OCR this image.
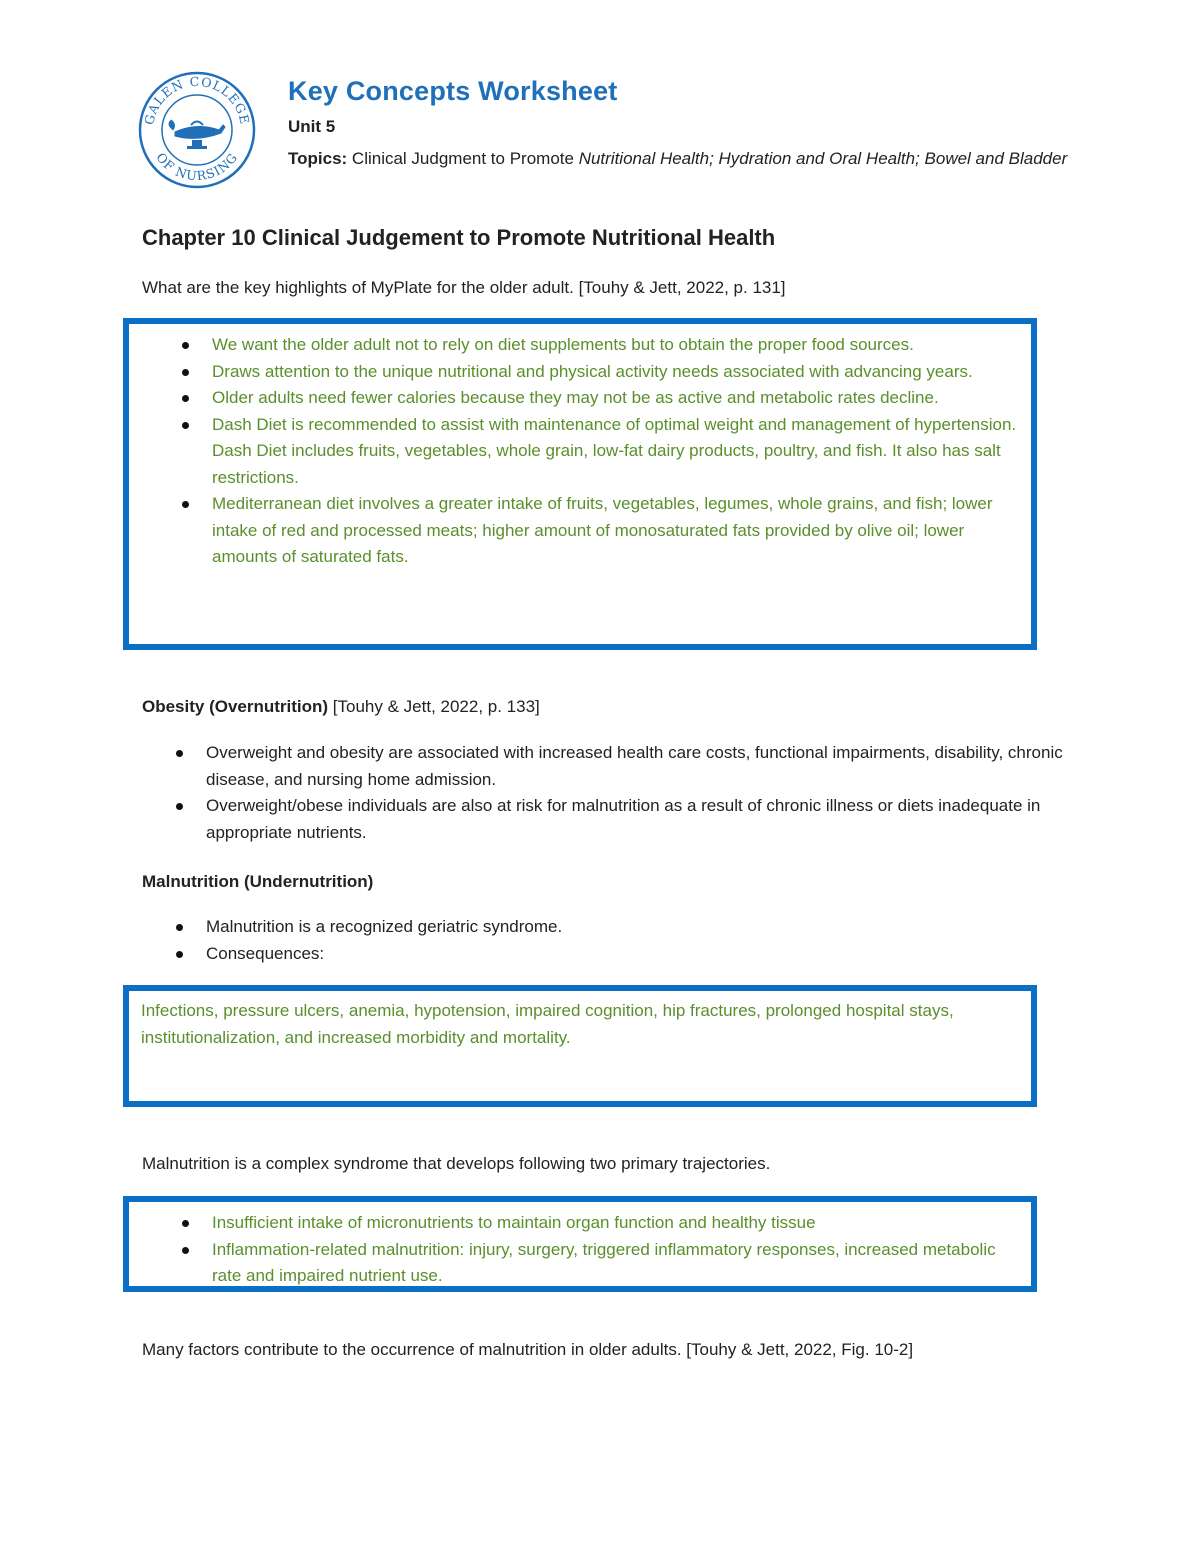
GALEN COLLEGE
OF NURSING
Key Concepts Worksheet
Unit 5
Topics: Clinical Judgment to Promote Nutritional Health; Hydration and Oral Health; Bowel and Bladder
Chapter 10 Clinical Judgement to Promote Nutritional Health
What are the key highlights of MyPlate for the older adult. [Touhy & Jett, 2022, p. 131]
We want the older adult not to rely on diet supplements but to obtain the proper food sources.
Draws attention to the unique nutritional and physical activity needs associated with advancing years.
Older adults need fewer calories because they may not be as active and metabolic rates decline.
Dash Diet is recommended to assist with maintenance of optimal weight and management of hypertension. Dash Diet includes fruits, vegetables, whole grain, low-fat dairy products, poultry, and fish. It also has salt restrictions.
Mediterranean diet involves a greater intake of fruits, vegetables, legumes, whole grains, and fish; lower intake of red and processed meats; higher amount of monosaturated fats provided by olive oil; lower amounts of saturated fats.
Obesity (Overnutrition) [Touhy & Jett, 2022, p. 133]
Overweight and obesity are associated with increased health care costs, functional impairments, disability, chronic disease, and nursing home admission.
Overweight/obese individuals are also at risk for malnutrition as a result of chronic illness or diets inadequate in appropriate nutrients.
Malnutrition (Undernutrition)
Malnutrition is a recognized geriatric syndrome.
Consequences:
Infections, pressure ulcers, anemia, hypotension, impaired cognition, hip fractures, prolonged hospital stays, institutionalization, and increased morbidity and mortality.
Malnutrition is a complex syndrome that develops following two primary trajectories.
Insufficient intake of micronutrients to maintain organ function and healthy tissue
Inflammation-related malnutrition: injury, surgery, triggered inflammatory responses, increased metabolic rate and impaired nutrient use.
Many factors contribute to the occurrence of malnutrition in older adults. [Touhy & Jett, 2022, Fig. 10-2]
